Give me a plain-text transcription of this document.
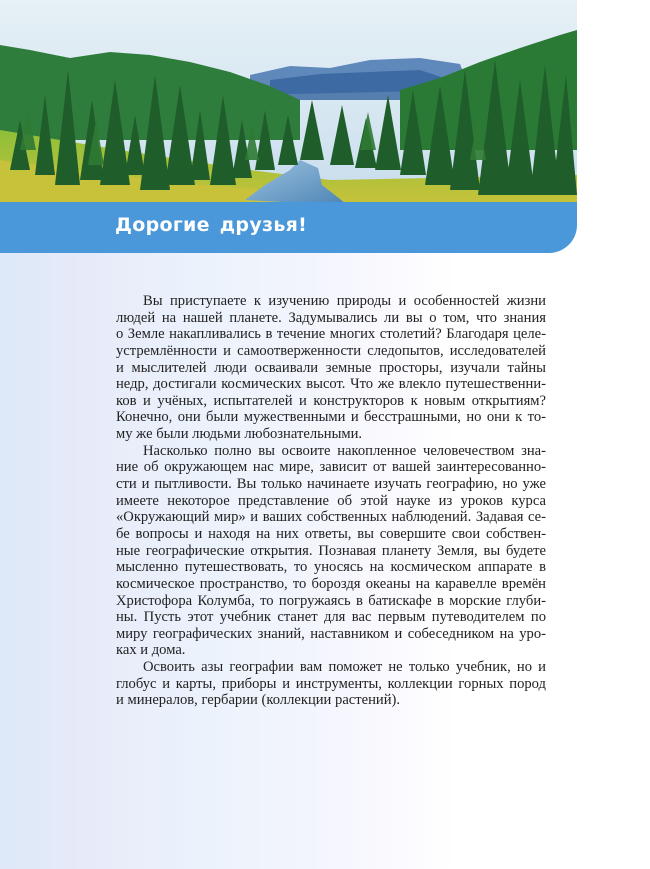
Дорогие друзья!

Вы приступаете к изучению природы и особенностей жизни
людей на нашей планете. Задумывались ли вы о том, что знания
о Земле накапливались в течение многих столетий? Благодаря целе-
устремлённости и самоотверженности следопытов, исследователей
и мыслителей люди осваивали земные просторы, изучали тайны
недр, достигали космических высот. Что же влекло путешественни-
ков и учёных, испытателей и конструкторов к новым открытиям?
Конечно, они были мужественными и бесстрашными, но они к то-
му же были людьми любознательными.

Насколько полно вы освоите накопленное человечеством зна-
ние об окружающем нас мире, зависит от вашей заинтересованно-
сти и пытливости. Вы только начинаете изучать географию, но уже
имеете некоторое представление об этой науке из уроков курса
«Окружающий мир» и ваших собственных наблюдений. Задавая се-
бе вопросы и находя на них ответы, вы совершите свои собствен-
ные географические открытия. Познавая планету Земля, вы будете
мысленно путешествовать, то уносясь на космическом аппарате в
космическое пространство, то бороздя океаны на каравелле времён
Христофора Колумба, то погружаясь в батискафе в морские глуби-
ны. Пусть этот учебник станет для вас первым путеводителем по
миру географических знаний, наставником и собеседником на уро-
ках и дома.

Освоить азы географии вам поможет не только учебник, но и
глобус и карты, приборы и инструменты, коллекции горных пород
и минералов, гербарии (коллекции растений).
